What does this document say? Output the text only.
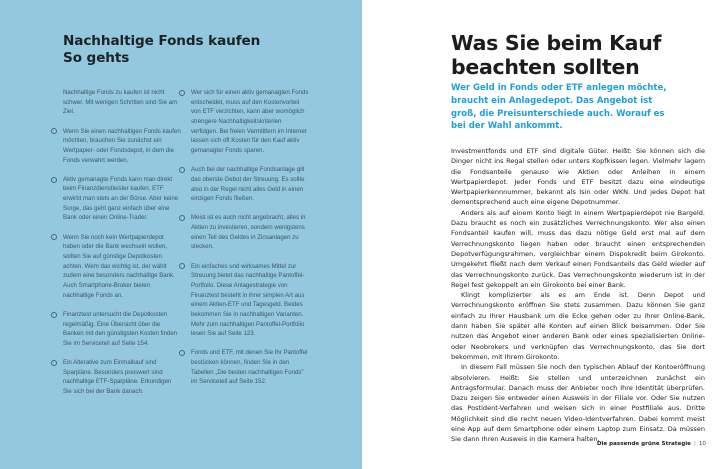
Nachhaltige Fonds kaufen
So gehts

Nachhaltige Fonds zu kaufen ist nicht schwer. Mit wenigen Schritten sind Sie am Ziel.

Wenn Sie einen nachhaltigen Fonds kaufen möchten, brauchen Sie zunächst ein Wertpapier- oder Fondsdepot, in dem die Fonds verwahrt werden.
Aktiv gemanagte Fonds kann man direkt beim Finanzdienstleister kaufen, ETF erwirbt man stets an der Börse. Aber keine Sorge, das geht ganz einfach über eine Bank oder einen Online-Trader.
Wenn Sie noch kein Wertpapierdepot haben oder die Bank wechseln wollen, sollten Sie auf günstige Depotkosten achten. Wem das wichtig ist, der wählt zudem eine besonders nachhaltige Bank. Auch Smartphone-Broker bieten nachhaltige Fonds an.
Finanztest untersucht die Depotkosten regelmäßig. Eine Übersicht über die Banken mit den günstigsten Kosten finden Sie im Serviceteil auf Seite 154.
Ein Alterative zum Einmalkauf sind Sparpläne. Besonders preiswert sind nachhaltige ETF-Sparpläne. Erkundigen Sie sich bei der Bank danach.
Wer sich für einen aktiv gemanagten Fonds entscheidet, muss auf den Kostenvorteil von ETF verzichten, kann aber womöglich strengere Nachhaltigkeitskriterien verfolgen. Bei freien Vermittlern im Internet lassen sich oft Kosten für den Kauf aktiv gemanagter Fonds sparen.
Auch bei der nachhaltige Fondsanlage gilt das oberste Gebot der Streuung. Es sollte also in der Regel nicht alles Geld in einen einzigen Fonds fließen.
Meist ist es auch nicht angebracht, alles in Aktien zu investieren, sondern wenigstens einen Teil des Geldes in Zinsanlagen zu stecken.
Ein einfaches und wirksames Mittel zur Streuung bietet das nachhaltige Pantoffel-Portfolio. Diese Anlagestrategie von Finanztest besteht in ihrer simplen Art aus einem Aktien-ETF und Tagesgeld. Beides bekommen Sie in nachhaltigen Varianten. Mehr zum nachhaltigen Pantoffel-Portfolio lesen Sie auf Seite 123.
Fonds und ETF, mit denen Sie Ihr Pantoffel bestücken können, finden Sie in den Tabellen „Die besten nachhaltigen Fonds" im Serviceteil auf Seite 152.
Was Sie beim Kauf
beachten sollten
Wer Geld in Fonds oder ETF anlegen möchte,
braucht ein Anlagedepot. Das Angebot ist
groß, die Preisunterschiede auch. Worauf es
bei der Wahl ankommt.

Investmentfonds und ETF sind digitale Güter. Heißt: Sie können sich die Dinger nicht ins Regal stellen oder unters Kopfkissen legen. Vielmehr lagern die Fondsanteile genauso wie Aktien oder Anleihen in einem Wertpapierdepot. Jeder Fonds und ETF besitzt dazu eine eindeutige Wertpapierkennnummer, bekannt als Isin oder WKN. Und jedes Depot hat dementsprechend auch eine eigene Depotnummer.

Anders als auf einem Konto liegt in einem Wertpapierdepot nie Bargeld. Dazu braucht es noch ein zusätzliches Verrechnungskonto. Wer also einen Fondsanteil kaufen will, muss das dazu nötige Geld erst mal auf dem Verrechnungskonto liegen haben oder braucht einen entsprechenden Depotverfügungsrahmen, vergleichbar einem Dispokredit beim Girokonto. Umgekehrt fließt nach dem Verkauf einen Fondsanteils das Geld wieder auf das Verrechnungskonto zurück. Das Verrechnungskonto wiederum ist in der Regel fest gekoppelt an ein Girokonto bei einer Bank.

Klingt komplizierter als es am Ende ist. Denn Depot und Verrechnungskonto eröffnen Sie stets zusammen. Dazu können Sie ganz einfach zu Ihrer Hausbank um die Ecke gehen oder zu ihrer Online-Bank, dann haben Sie später alle Konten auf einen Blick beisammen. Oder Sie nutzen das Angebot einer anderen Bank oder eines spezialisierten Online- oder Neobrokers und verknüpfen das Verrechnungskonto, das Sie dort bekommen, mit Ihrem Girokonto.

In diesem Fall müssen Sie noch den typischen Ablauf der Kontoeröffnung absolvieren. Heißt: Sie stellen und unterzeichnen zunächst ein Antragsformular. Danach muss der Anbieter noch Ihre Identität überprüfen. Dazu zeigen Sie entweder einen Ausweis in der Filiale vor. Oder Sie nutzen das Postident-Verfahren und weisen sich in einer Postfiliale aus. Dritte Möglichkeit sind die recht neuen Video-Identverfahren. Dabei kommt meist eine App auf dem Smartphone oder einem Laptop zum Einsatz. Da müssen Sie dann Ihren Ausweis in die Kamera halten.

Die passende grüne Strategie | 10
